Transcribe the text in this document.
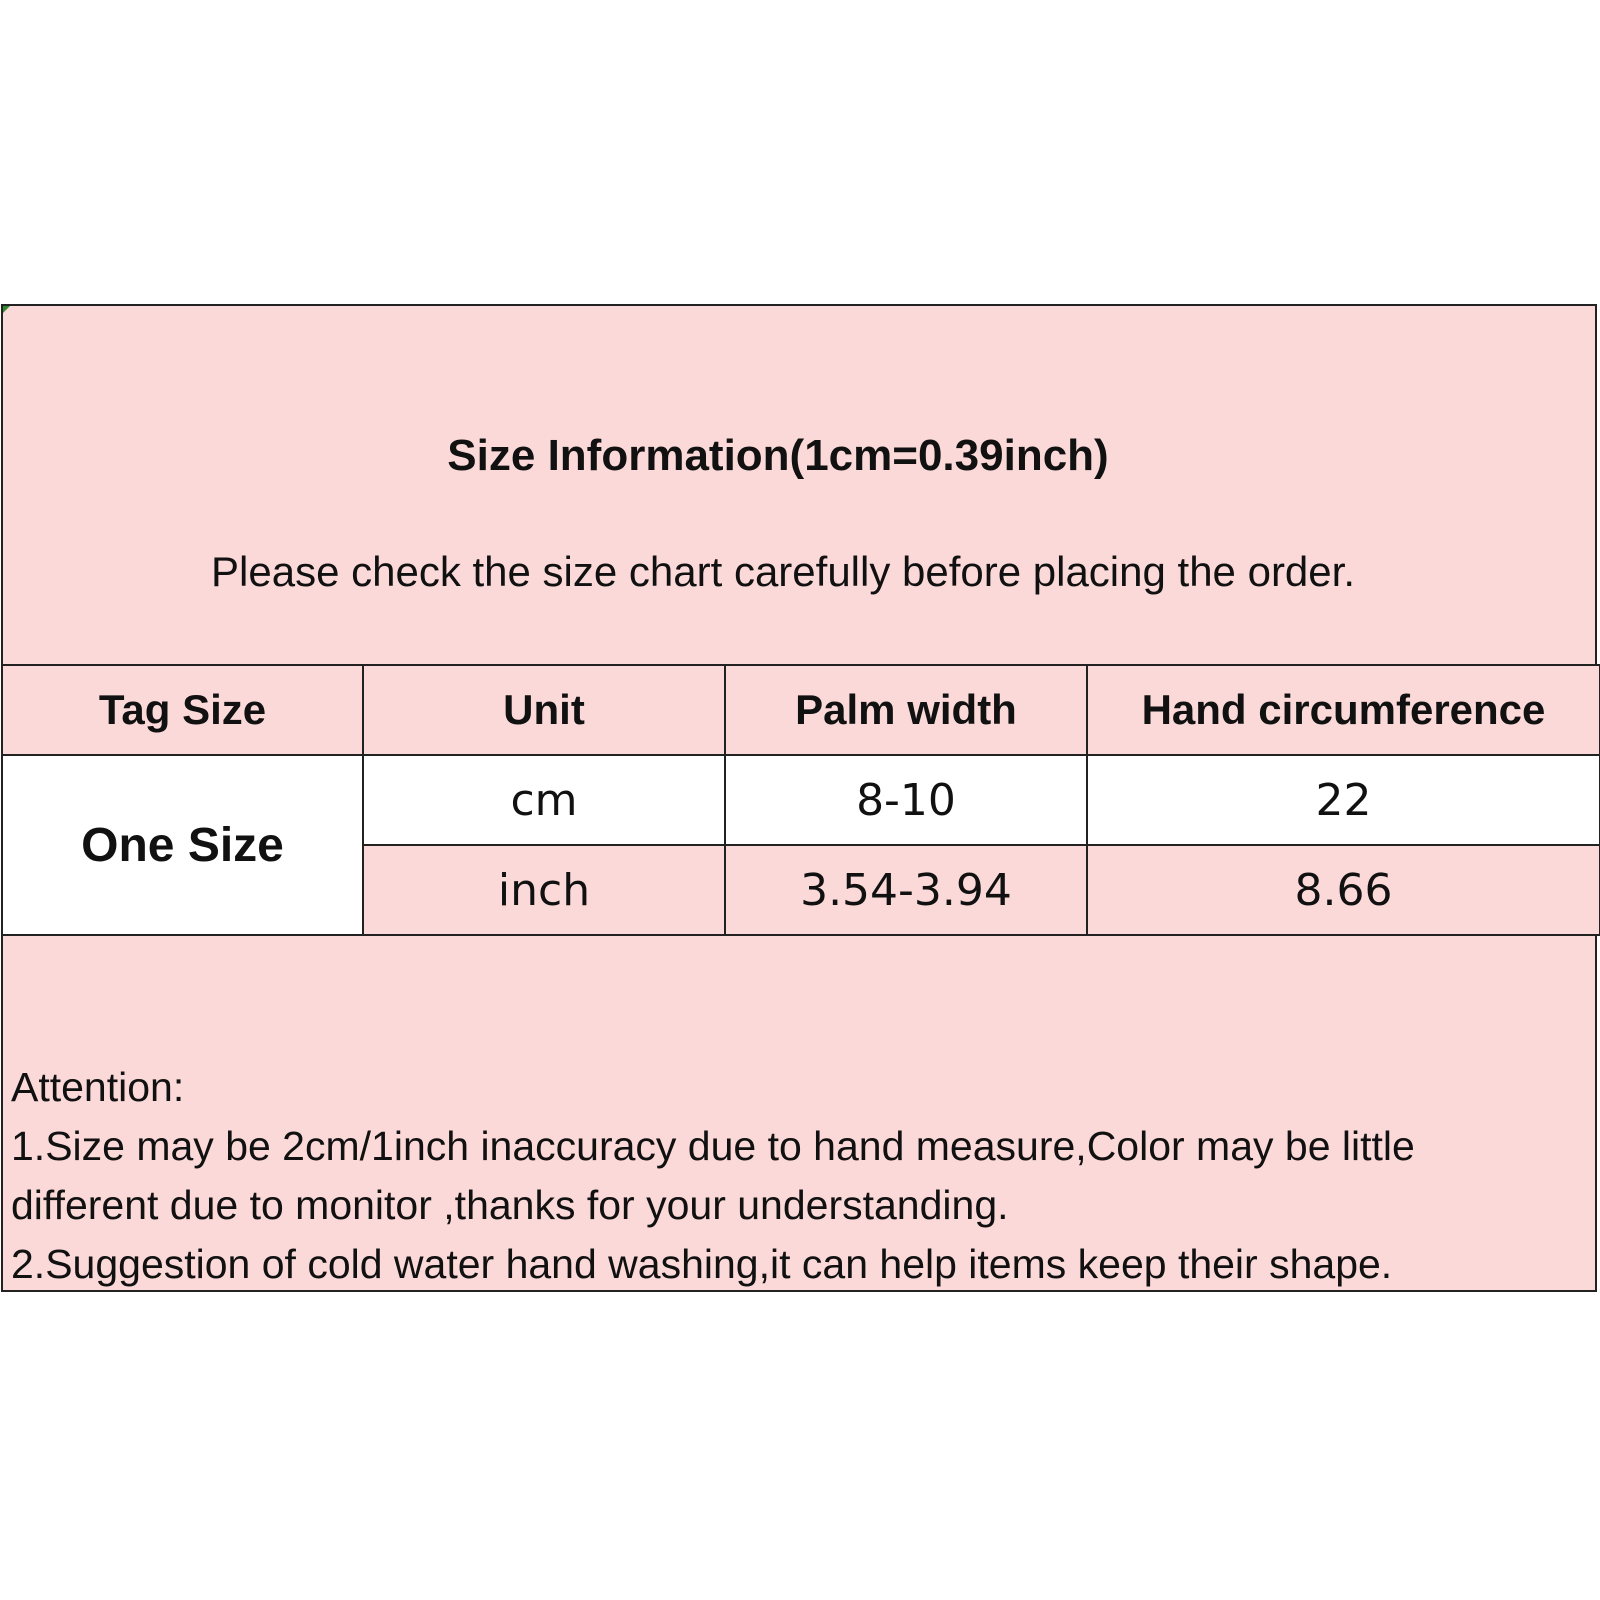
Size Information(1cm=0.39inch)
Please check the size chart carefully before placing the order.
Tag Size	Unit	Palm width	Hand circumference
One Size	cm	8-10	22
	inch	3.54-3.94	8.66
Attention:
1.Size may be 2cm/1inch inaccuracy due to hand measure,Color may be little
different due to monitor ,thanks for your understanding.
2.Suggestion of cold water hand washing,it can help items keep their shape.
